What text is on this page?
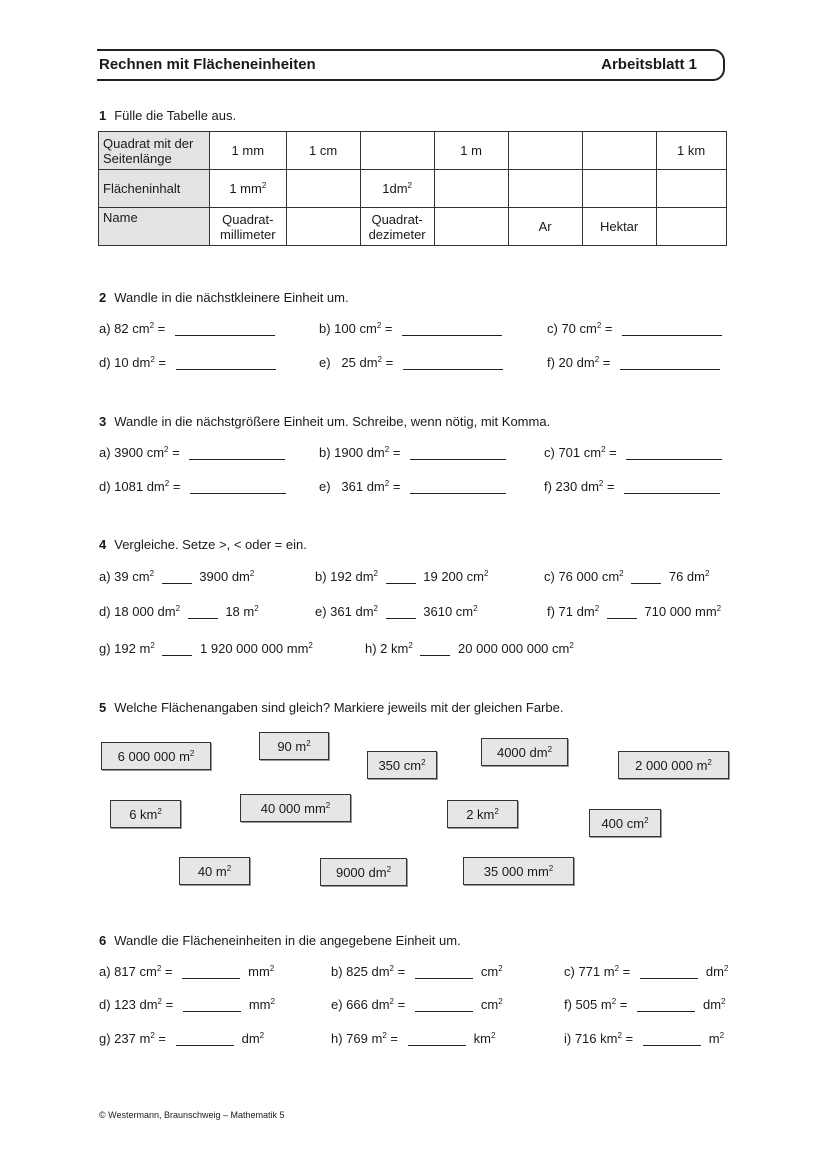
Rechnen mit Flächeneinheiten	Arbeitsblatt 1
1 Fülle die Tabelle aus.
Quadrat mit der Seitenlänge	1 mm	1 cm		1 m			1 km
Flächeninhalt	1 $mm^2$		$1dm^2$				
Name	Quadrat-millimeter		Quadrat-dezimeter		Ar	Hektar	
2 Wandle in die nächstkleinere Einheit um.
a) 82 $cm^2$ =	b) 100 $cm^2$ =	c) 70 $cm^2$ =
d) 10 $dm^2$ =	e)   25 $dm^2$ =	f) 20 $dm^2$ =
3 Wandle in die nächstgrößere Einheit um. Schreibe, wenn nötig, mit Komma.
a) 3900 $cm^2$ =	b) 1900 $dm^2$ =	c) 701 $cm^2$ =
d) 1081 $dm^2$ =	e)   361 $dm^2$ =	f) 230 $dm^2$ =
4 Vergleiche. Setze >, < oder = ein.
a) 39 $cm^2$	3900 $dm^2$	b) 192 $dm^2$	19 200 $cm^2$	c) 76 000 $cm^2$	76 $dm^2$
d) 18 000 $dm^2$	18 $m^2$	e) 361 $dm^2$	3610 $cm^2$	f) 71 $dm^2$	710 000 $mm^2$
g) 192 $m^2$	1 920 000 000 $mm^2$	h) 2 $km^2$	20 000 000 000 $cm^2$
5 Welche Flächenangaben sind gleich? Markiere jeweils mit der gleichen Farbe.
6 000 000 $m^2$	90 $m^2$
350 $cm^2$
4000 $dm^2$
2 000 000 $m^2$
6 $km^2$	40 000 $mm^2$
2 $km^2$
400 $cm^2$
40 $m^2$	9000 $dm^2$	35 000 $mm^2$
6 Wandle die Flächeneinheiten in die angegebene Einheit um.
a) 817 $cm^2$ =	$mm^2$	b) 825 $dm^2$ =	$cm^2$	c) 771 $m^2$ =	$dm^2$
d) 123 $dm^2$ =	$mm^2$	e) 666 $dm^2$ =	$cm^2$	f) 505 $m^2$ =	$dm^2$
g) 237 $m^2$ =	$dm^2$	h) 769 $m^2$ =	$km^2$	i) 716 $km^2$ =	$m^2$
© Westermann, Braunschweig – Mathematik 5
